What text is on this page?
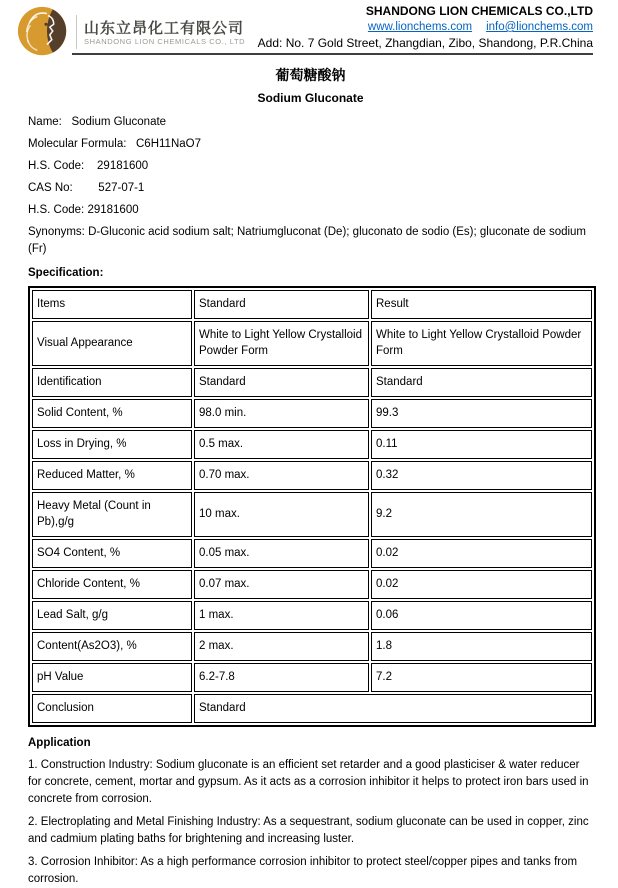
山东立昂化工有限公司
SHANDONG LION CHEMICALS CO., LTD
SHANDONG LION CHEMICALS CO.,LTD
www.lionchems.com info@lionchems.com
Add: No. 7 Gold Street, Zhangdian, Zibo, Shandong, P.R.China
葡萄糖酸钠
Sodium Gluconate
Name:   Sodium Gluconate
Molecular Formula:   C6H11NaO7
H.S. Code:    29181600
CAS No:        527-07-1
H.S. Code: 29181600
Synonyms: D-Gluconic acid sodium salt; Natriumgluconat (De); gluconato de sodio (Es); gluconate de sodium (Fr)
Specification:
Items	Standard	Result
Visual Appearance	White to Light Yellow Crystalloid Powder Form	White to Light Yellow Crystalloid Powder Form
Identification	Standard	Standard
Solid Content, %	98.0 min.	99.3
Loss in Drying, %	0.5 max.	0.11
Reduced Matter, %	0.70 max.	0.32
Heavy Metal (Count in Pb),g/g	10 max.	9.2
SO4 Content, %	0.05 max.	0.02
Chloride Content, %	0.07 max.	0.02
Lead Salt, g/g	1 max.	0.06
Content(As2O3), %	2 max.	1.8
pH Value	6.2-7.8	7.2
Conclusion	Standard	
Application
1. Construction Industry: Sodium gluconate is an efficient set retarder and a good plasticiser & water reducer for concrete, cement, mortar and gypsum. As it acts as a corrosion inhibitor it helps to protect iron bars used in concrete from corrosion.
2. Electroplating and Metal Finishing Industry: As a sequestrant, sodium gluconate can be used in copper, zinc and cadmium plating baths for brightening and increasing luster.
3. Corrosion Inhibitor: As a high performance corrosion inhibitor to protect steel/copper pipes and tanks from corrosion.
